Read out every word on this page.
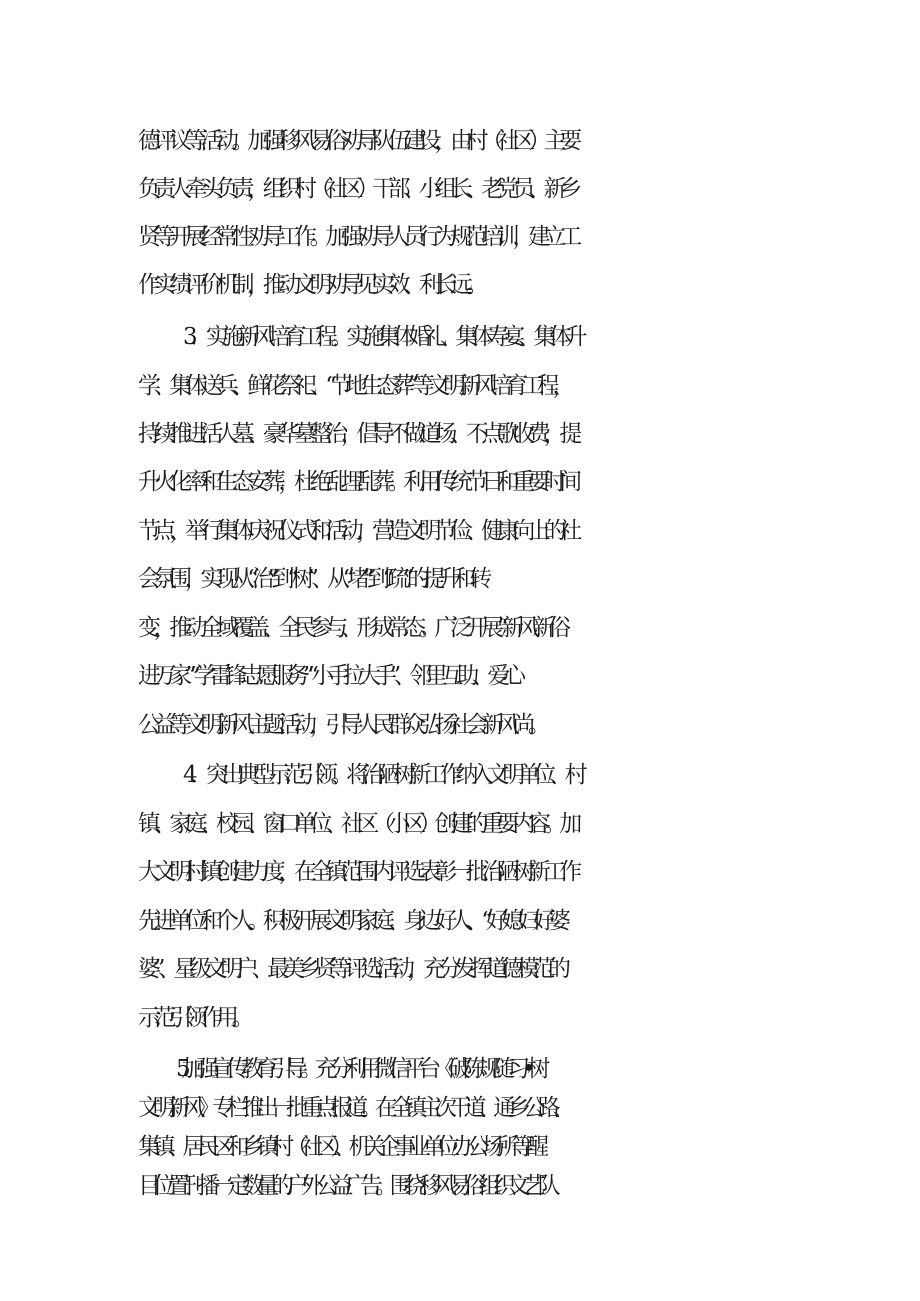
德评议等活动。加强移风易俗劝导队伍建设，由村（社区）主要

负责人牵头负责，组织村（社区）干部、小组长、老党员、新乡

贤等开展经常性劝导工作。加强劝导人员行为规范培训，建立工

作实绩评价机制，推动文明劝导见实效、利长远。

3．实施新风培育工程。实施集体婚礼、集体寿宴、集体升

学、集体送兵、鲜花祭祀、“节地生态葬”等文明新风培育工程，

持续推进活人墓、豪华墓整治，倡导不做道场、不点歌收费，提

升火化率和生态安葬，杜绝乱埋乱葬。利用传统节日和重要时间

节点，举行集体庆祝仪式和活动，营造文明节俭、健康向上的社

会氛围，实现从“治”到“树”、从“堵”到“疏”的提升和转

变，推动全域覆盖、全民参与、形成常态。广泛开展“新风新俗

进万家”“学雷锋志愿服务”“小手拉大手”、邻里互助、爱心

公益等文明新风主题活动，引导人民群众弘扬社会新风尚。

4．突出典型示范引领。将治陋树新工作纳入文明单位、村

镇、家庭、校园、窗口单位、社区（小区）创建的重要内容。加

大文明村镇创建力度，在全镇范围内评选表彰一批治陋树新工作

先进单位和个人。积极开展文明家庭、身边好人、“好媳妇好婆

婆”、星级文明户、最美乡贤等评选活动，充分发挥道德模范的

示范引领作用。

5.加强宣传教育引导。充分利用微信平台《破陈规随习•树

文明新风》专栏推出一批重点报道。在全镇主次干道、通乡公路、

集镇、居民区和乡镇村（社区）、机关企事业单位办公场所等醒

目位置刊播一定数量的户外公益广告。围绕移风易俗组织文艺队
